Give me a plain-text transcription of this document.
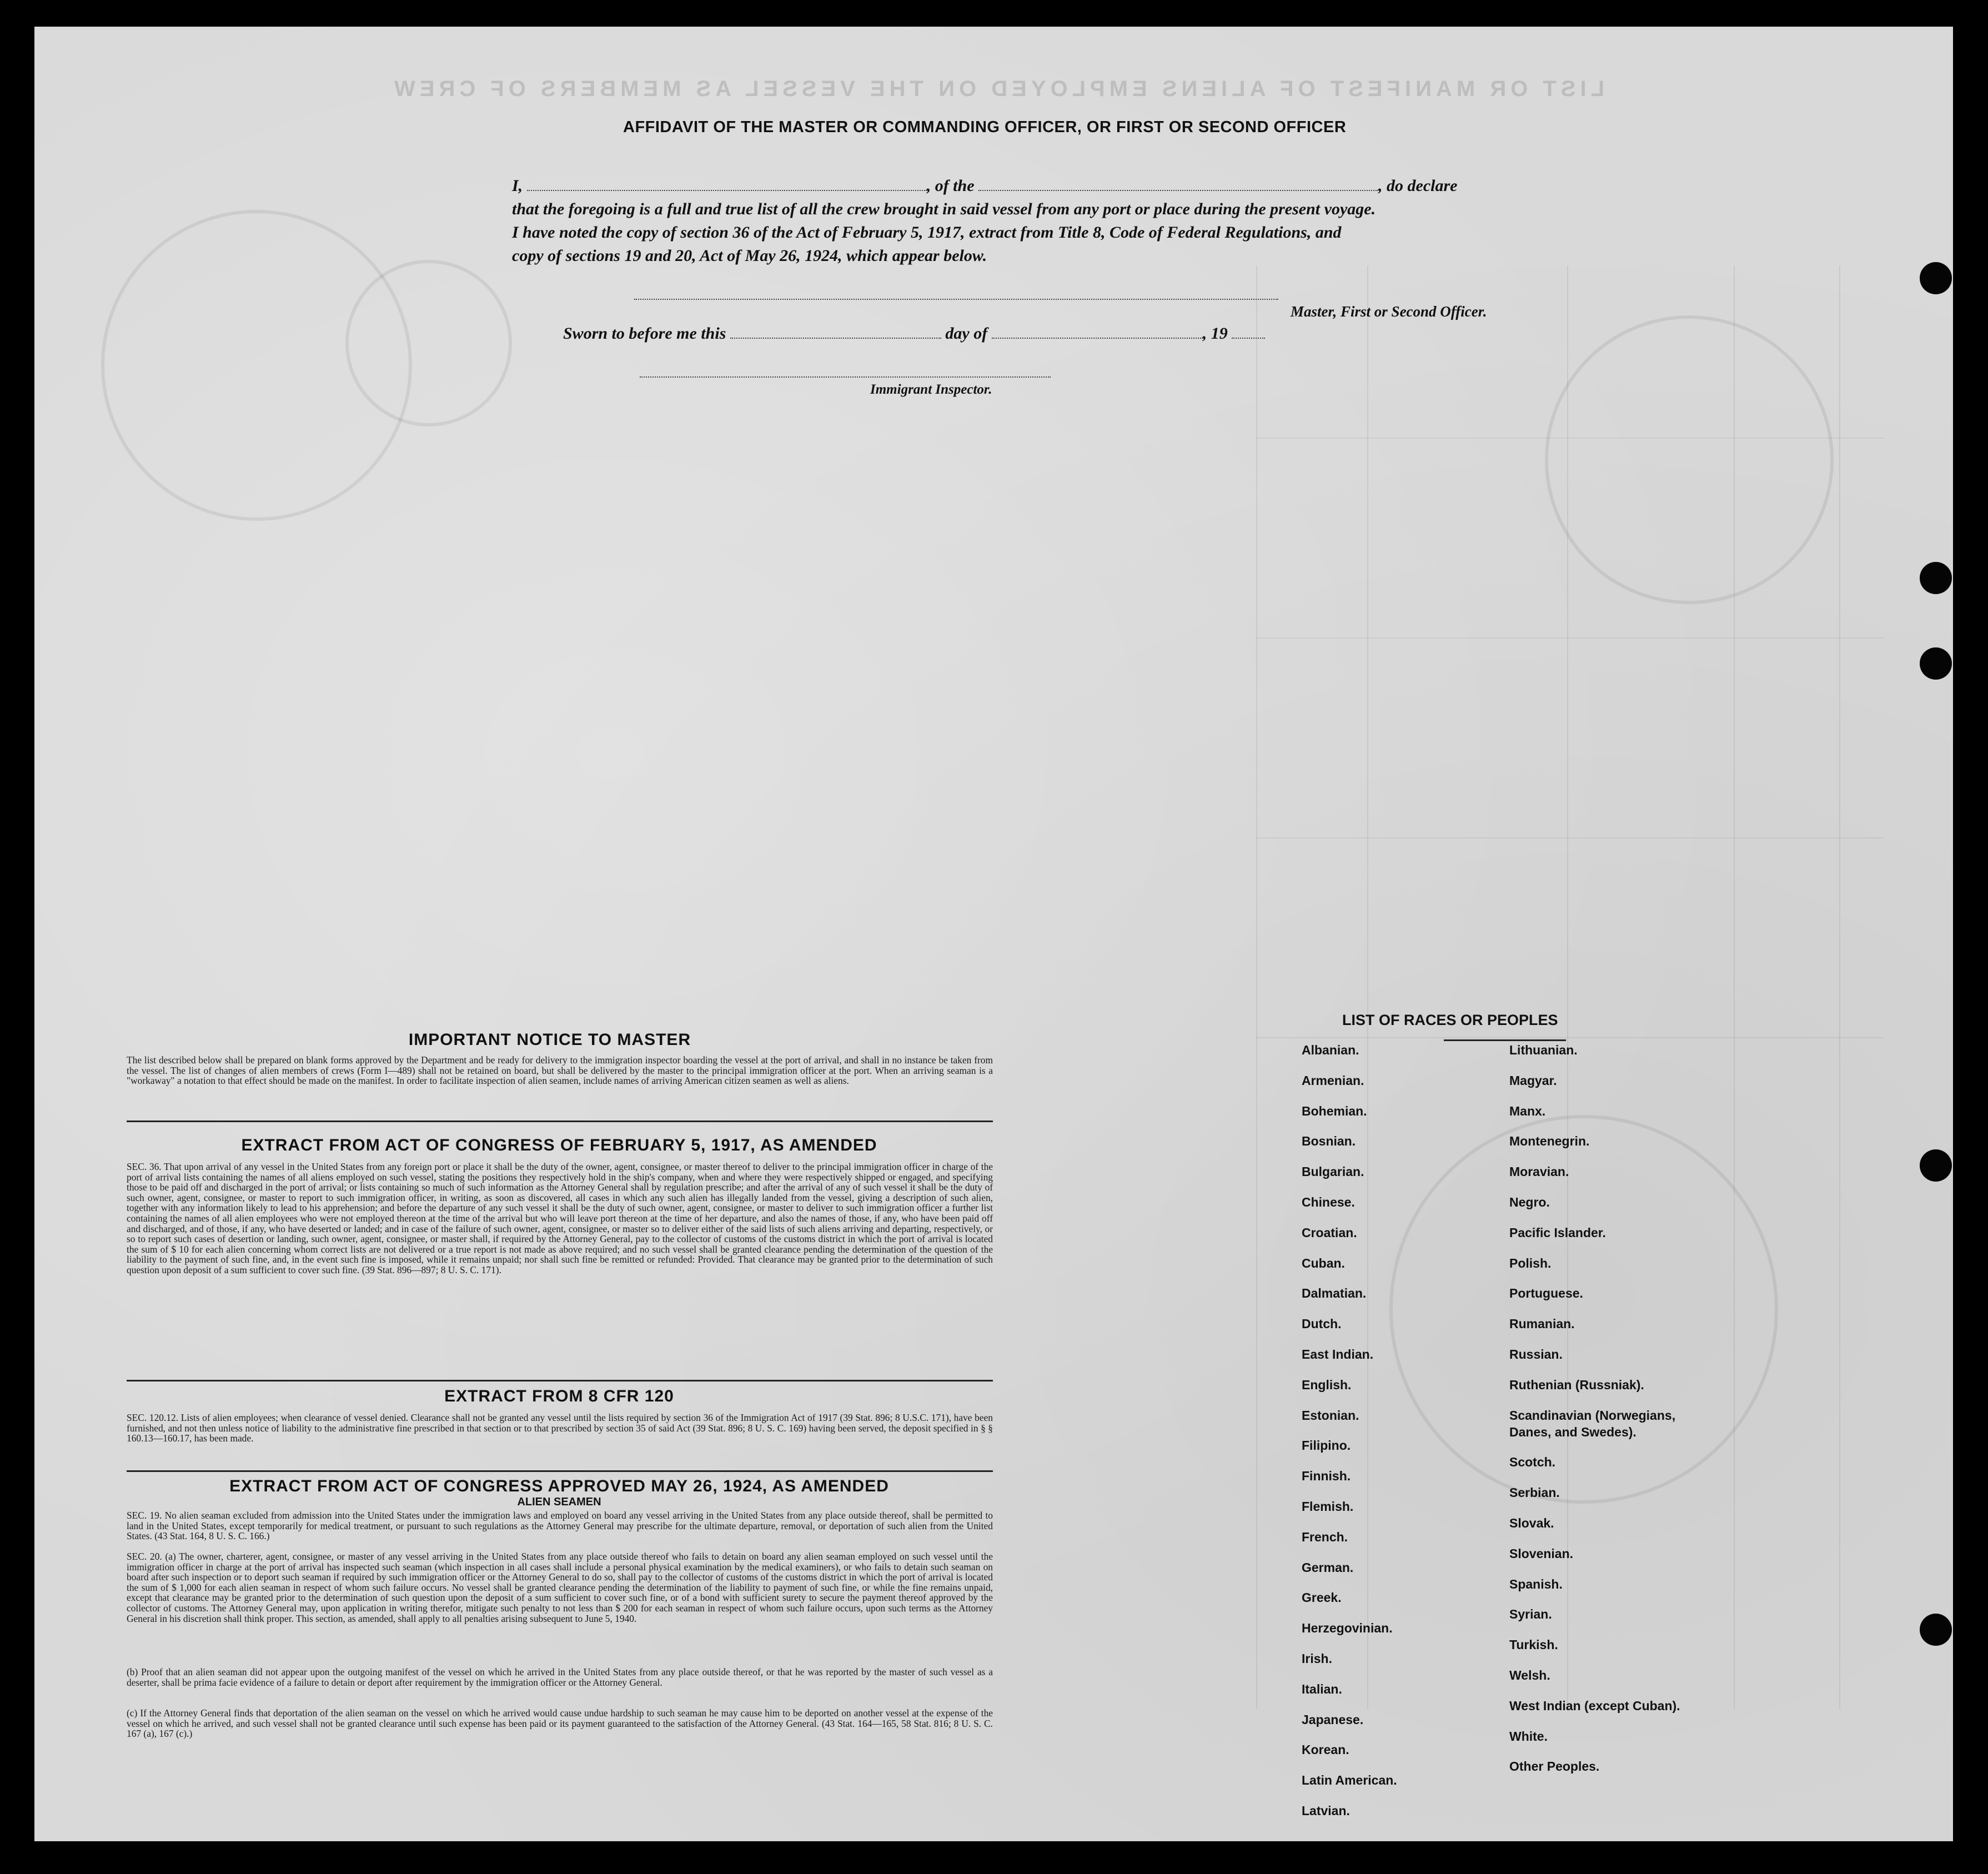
LIST OR MANIFEST OF ALIENS EMPLOYED ON THE VESSEL AS MEMBERS OF CREW
AFFIDAVIT OF THE MASTER OR COMMANDING OFFICER, OR FIRST OR SECOND OFFICER
I,	, of the	, do declare
that the foregoing is a full and true list of all the crew brought in said vessel from any port or place during the present voyage.
I have noted the copy of section 36 of the Act of February 5, 1917, extract from Title 8, Code of Federal Regulations, and
copy of sections 19 and 20, Act of May 26, 1924, which appear below.
Master, First or Second Officer.
Sworn to before me this	day of	, 19
Immigrant Inspector.
IMPORTANT NOTICE TO MASTER
The list described below shall be prepared on blank forms approved by the Department and be ready for delivery to the immigration inspector boarding the vessel at the port of arrival, and shall in no instance be taken from the vessel. The list of changes of alien members of crews (Form I—489) shall not be retained on board, but shall be delivered by the master to the principal immigration officer at the port. When an arriving seaman is a "workaway" a notation to that effect should be made on the manifest. In order to facilitate inspection of alien seamen, include names of arriving American citizen seamen as well as aliens.
EXTRACT FROM ACT OF CONGRESS OF FEBRUARY 5, 1917, AS AMENDED
SEC. 36. That upon arrival of any vessel in the United States from any foreign port or place it shall be the duty of the owner, agent, consignee, or master thereof to deliver to the principal immigration officer in charge of the port of arrival lists containing the names of all aliens employed on such vessel, stating the positions they respectively hold in the ship's company, when and where they were respectively shipped or engaged, and specifying those to be paid off and discharged in the port of arrival; or lists containing so much of such information as the Attorney General shall by regulation prescribe; and after the arrival of any of such vessel it shall be the duty of such owner, agent, consignee, or master to report to such immigration officer, in writing, as soon as discovered, all cases in which any such alien has illegally landed from the vessel, giving a description of such alien, together with any information likely to lead to his apprehension; and before the departure of any such vessel it shall be the duty of such owner, agent, consignee, or master to deliver to such immigration officer a further list containing the names of all alien employees who were not employed thereon at the time of the arrival but who will leave port thereon at the time of her departure, and also the names of those, if any, who have been paid off and discharged, and of those, if any, who have deserted or landed; and in case of the failure of such owner, agent, consignee, or master so to deliver either of the said lists of such aliens arriving and departing, respectively, or so to report such cases of desertion or landing, such owner, agent, consignee, or master shall, if required by the Attorney General, pay to the collector of customs of the customs district in which the port of arrival is located the sum of $ 10 for each alien concerning whom correct lists are not delivered or a true report is not made as above required; and no such vessel shall be granted clearance pending the determination of the question of the liability to the payment of such fine, and, in the event such fine is imposed, while it remains unpaid; nor shall such fine be remitted or refunded: Provided. That clearance may be granted prior to the determination of such question upon deposit of a sum sufficient to cover such fine. (39 Stat. 896—897; 8 U. S. C. 171).
EXTRACT FROM 8 CFR 120
SEC. 120.12. Lists of alien employees; when clearance of vessel denied. Clearance shall not be granted any vessel until the lists required by section 36 of the Immigration Act of 1917 (39 Stat. 896; 8 U.S.C. 171), have been furnished, and not then unless notice of liability to the administrative fine prescribed in that section or to that prescribed by section 35 of said Act (39 Stat. 896; 8 U. S. C. 169) having been served, the deposit specified in § § 160.13—160.17, has been made.
EXTRACT FROM ACT OF CONGRESS APPROVED MAY 26, 1924, AS AMENDED
ALIEN SEAMEN
SEC. 19. No alien seaman excluded from admission into the United States under the immigration laws and employed on board any vessel arriving in the United States from any place outside thereof, shall be permitted to land in the United States, except temporarily for medical treatment, or pursuant to such regulations as the Attorney General may prescribe for the ultimate departure, removal, or deportation of such alien from the United States. (43 Stat. 164, 8 U. S. C. 166.)
SEC. 20. (a) The owner, charterer, agent, consignee, or master of any vessel arriving in the United States from any place outside thereof who fails to detain on board any alien seaman employed on such vessel until the immigration officer in charge at the port of arrival has inspected such seaman (which inspection in all cases shall include a personal physical examination by the medical examiners), or who fails to detain such seaman on board after such inspection or to deport such seaman if required by such immigration officer or the Attorney General to do so, shall pay to the collector of customs of the customs district in which the port of arrival is located the sum of $ 1,000 for each alien seaman in respect of whom such failure occurs. No vessel shall be granted clearance pending the determination of the liability to payment of such fine, or while the fine remains unpaid, except that clearance may be granted prior to the determination of such question upon the deposit of a sum sufficient to cover such fine, or of a bond with sufficient surety to secure the payment thereof approved by the collector of customs. The Attorney General may, upon application in writing therefor, mitigate such penalty to not less than $ 200 for each seaman in respect of whom such failure occurs, upon such terms as the Attorney General in his discretion shall think proper. This section, as amended, shall apply to all penalties arising subsequent to June 5, 1940.
(b) Proof that an alien seaman did not appear upon the outgoing manifest of the vessel on which he arrived in the United States from any place outside thereof, or that he was reported by the master of such vessel as a deserter, shall be prima facie evidence of a failure to detain or deport after requirement by the immigration officer or the Attorney General.
(c) If the Attorney General finds that deportation of the alien seaman on the vessel on which he arrived would cause undue hardship to such seaman he may cause him to be deported on another vessel at the expense of the vessel on which he arrived, and such vessel shall not be granted clearance until such expense has been paid or its payment guaranteed to the satisfaction of the Attorney General. (43 Stat. 164—165, 58 Stat. 816; 8 U. S. C. 167 (a), 167 (c).)
LIST OF RACES OR PEOPLES
Albanian.
Armenian.
Bohemian.
Bosnian.
Bulgarian.
Chinese.
Croatian.
Cuban.
Dalmatian.
Dutch.
East Indian.
English.
Estonian.
Filipino.
Finnish.
Flemish.
French.
German.
Greek.
Herzegovinian.
Irish.
Italian.
Japanese.
Korean.
Latin American.
Latvian.
Lithuanian.
Magyar.
Manx.
Montenegrin.
Moravian.
Negro.
Pacific Islander.
Polish.
Portuguese.
Rumanian.
Russian.
Ruthenian (Russniak).
Scandinavian (Norwegians,
Danes, and Swedes).
Scotch.
Serbian.
Slovak.
Slovenian.
Spanish.
Syrian.
Turkish.
Welsh.
West Indian (except Cuban).
White.
Other Peoples.
